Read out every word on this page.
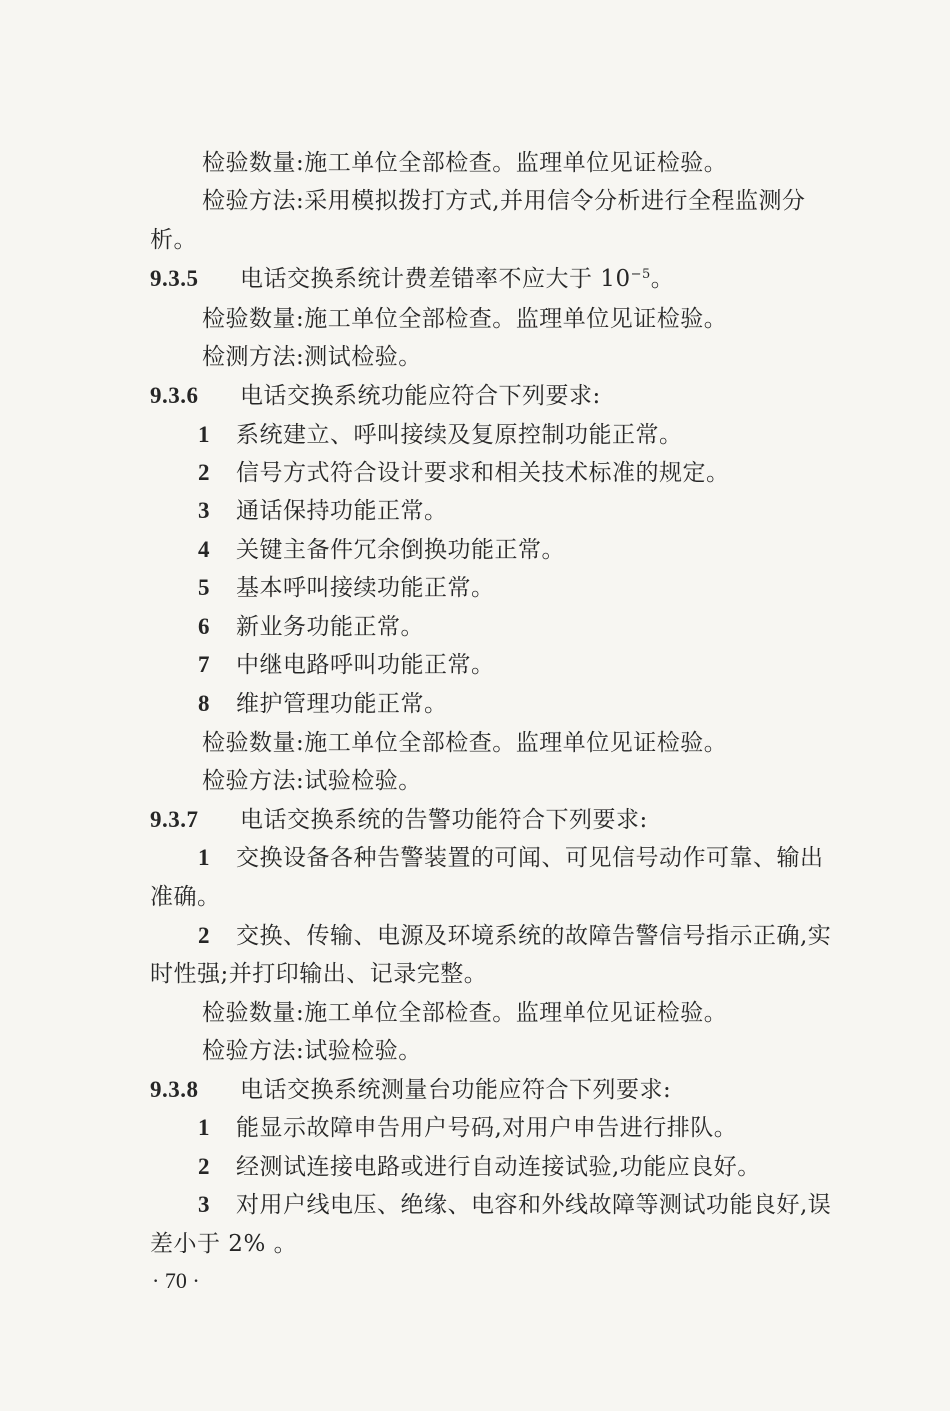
检验数量:施工单位全部检查。监理单位见证检验。
检验方法:采用模拟拨打方式,并用信令分析进行全程监测分
析。
9.3.5 电话交换系统计费差错率不应大于 $10^{-5}$。
检验数量:施工单位全部检查。监理单位见证检验。
检测方法:测试检验。
9.3.6 电话交换系统功能应符合下列要求:
1 系统建立、呼叫接续及复原控制功能正常。
2 信号方式符合设计要求和相关技术标准的规定。
3 通话保持功能正常。
4 关键主备件冗余倒换功能正常。
5 基本呼叫接续功能正常。
6 新业务功能正常。
7 中继电路呼叫功能正常。
8 维护管理功能正常。
检验数量:施工单位全部检查。监理单位见证检验。
检验方法:试验检验。
9.3.7 电话交换系统的告警功能符合下列要求:
1 交换设备各种告警装置的可闻、可见信号动作可靠、输出
准确。
2 交换、传输、电源及环境系统的故障告警信号指示正确,实
时性强;并打印输出、记录完整。
检验数量:施工单位全部检查。监理单位见证检验。
检验方法:试验检验。
9.3.8 电话交换系统测量台功能应符合下列要求:
1 能显示故障申告用户号码,对用户申告进行排队。
2 经测试连接电路或进行自动连接试验,功能应良好。
3 对用户线电压、绝缘、电容和外线故障等测试功能良好,误
差小于 2% 。
· 70 ·
